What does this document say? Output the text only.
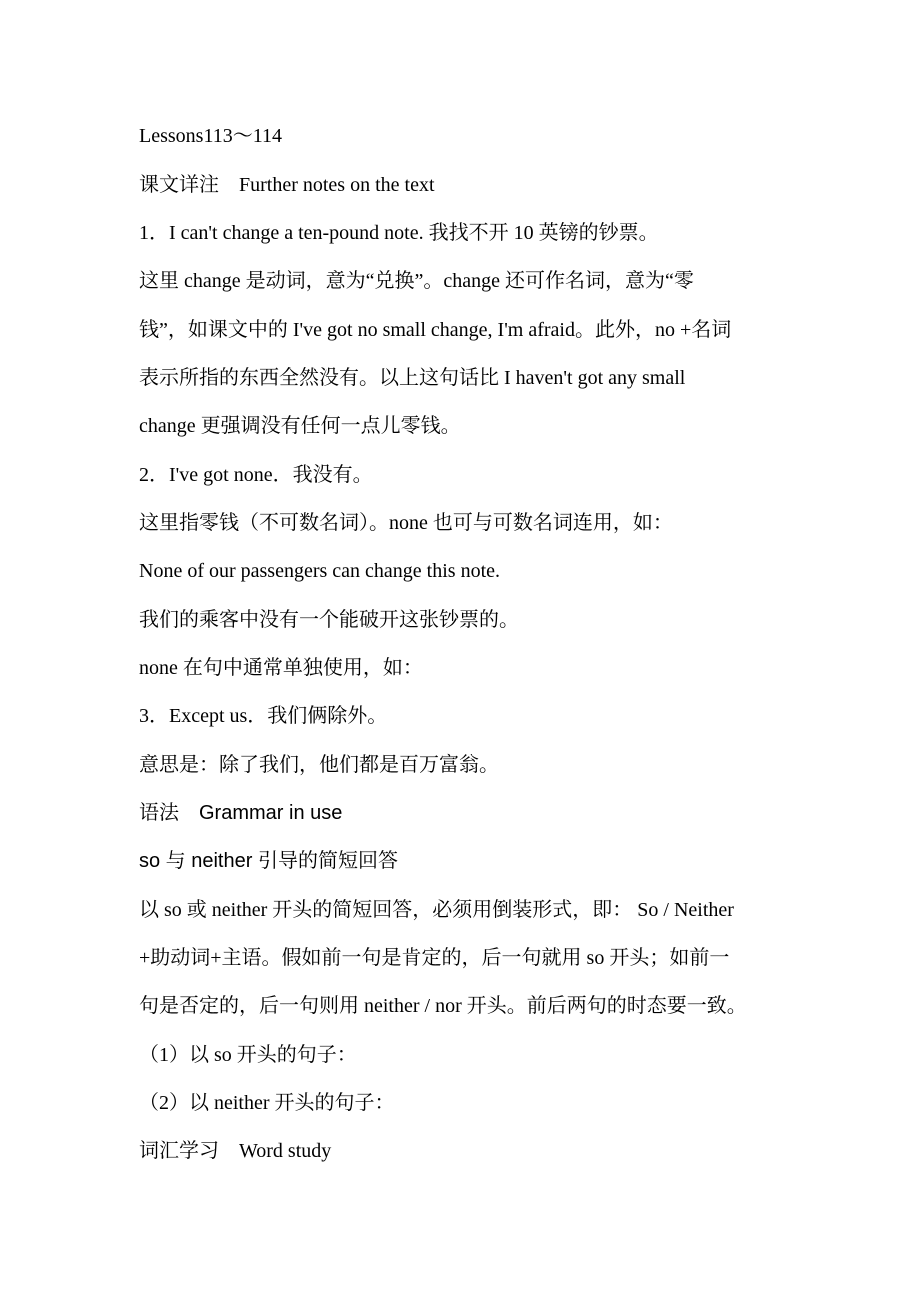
Lessons113～114
课文详注　Further notes on the text
1．I can't change a ten-pound note. 我找不开 10 英镑的钞票。
这里 change 是动词，意为“兑换”。change 还可作名词，意为“零
钱”，如课文中的 I've got no small change, I'm afraid。此外，no +名词
表示所指的东西全然没有。以上这句话比 I haven't got any small
change 更强调没有任何一点儿零钱。
2．I've got none．我没有。
这里指零钱（不可数名词）。none 也可与可数名词连用，如：
None of our passengers can change this note.
我们的乘客中没有一个能破开这张钞票的。
none 在句中通常单独使用，如：
3．Except us．我们俩除外。
意思是：除了我们，他们都是百万富翁。
语法　Grammar in use
so 与 neither 引导的简短回答
以 so 或 neither 开头的简短回答，必须用倒装形式，即： So / Neither
+助动词+主语。假如前一句是肯定的，后一句就用 so 开头；如前一
句是否定的，后一句则用 neither / nor 开头。前后两句的时态要一致。
（1）以 so 开头的句子：
（2）以 neither 开头的句子：
词汇学习　Word study
